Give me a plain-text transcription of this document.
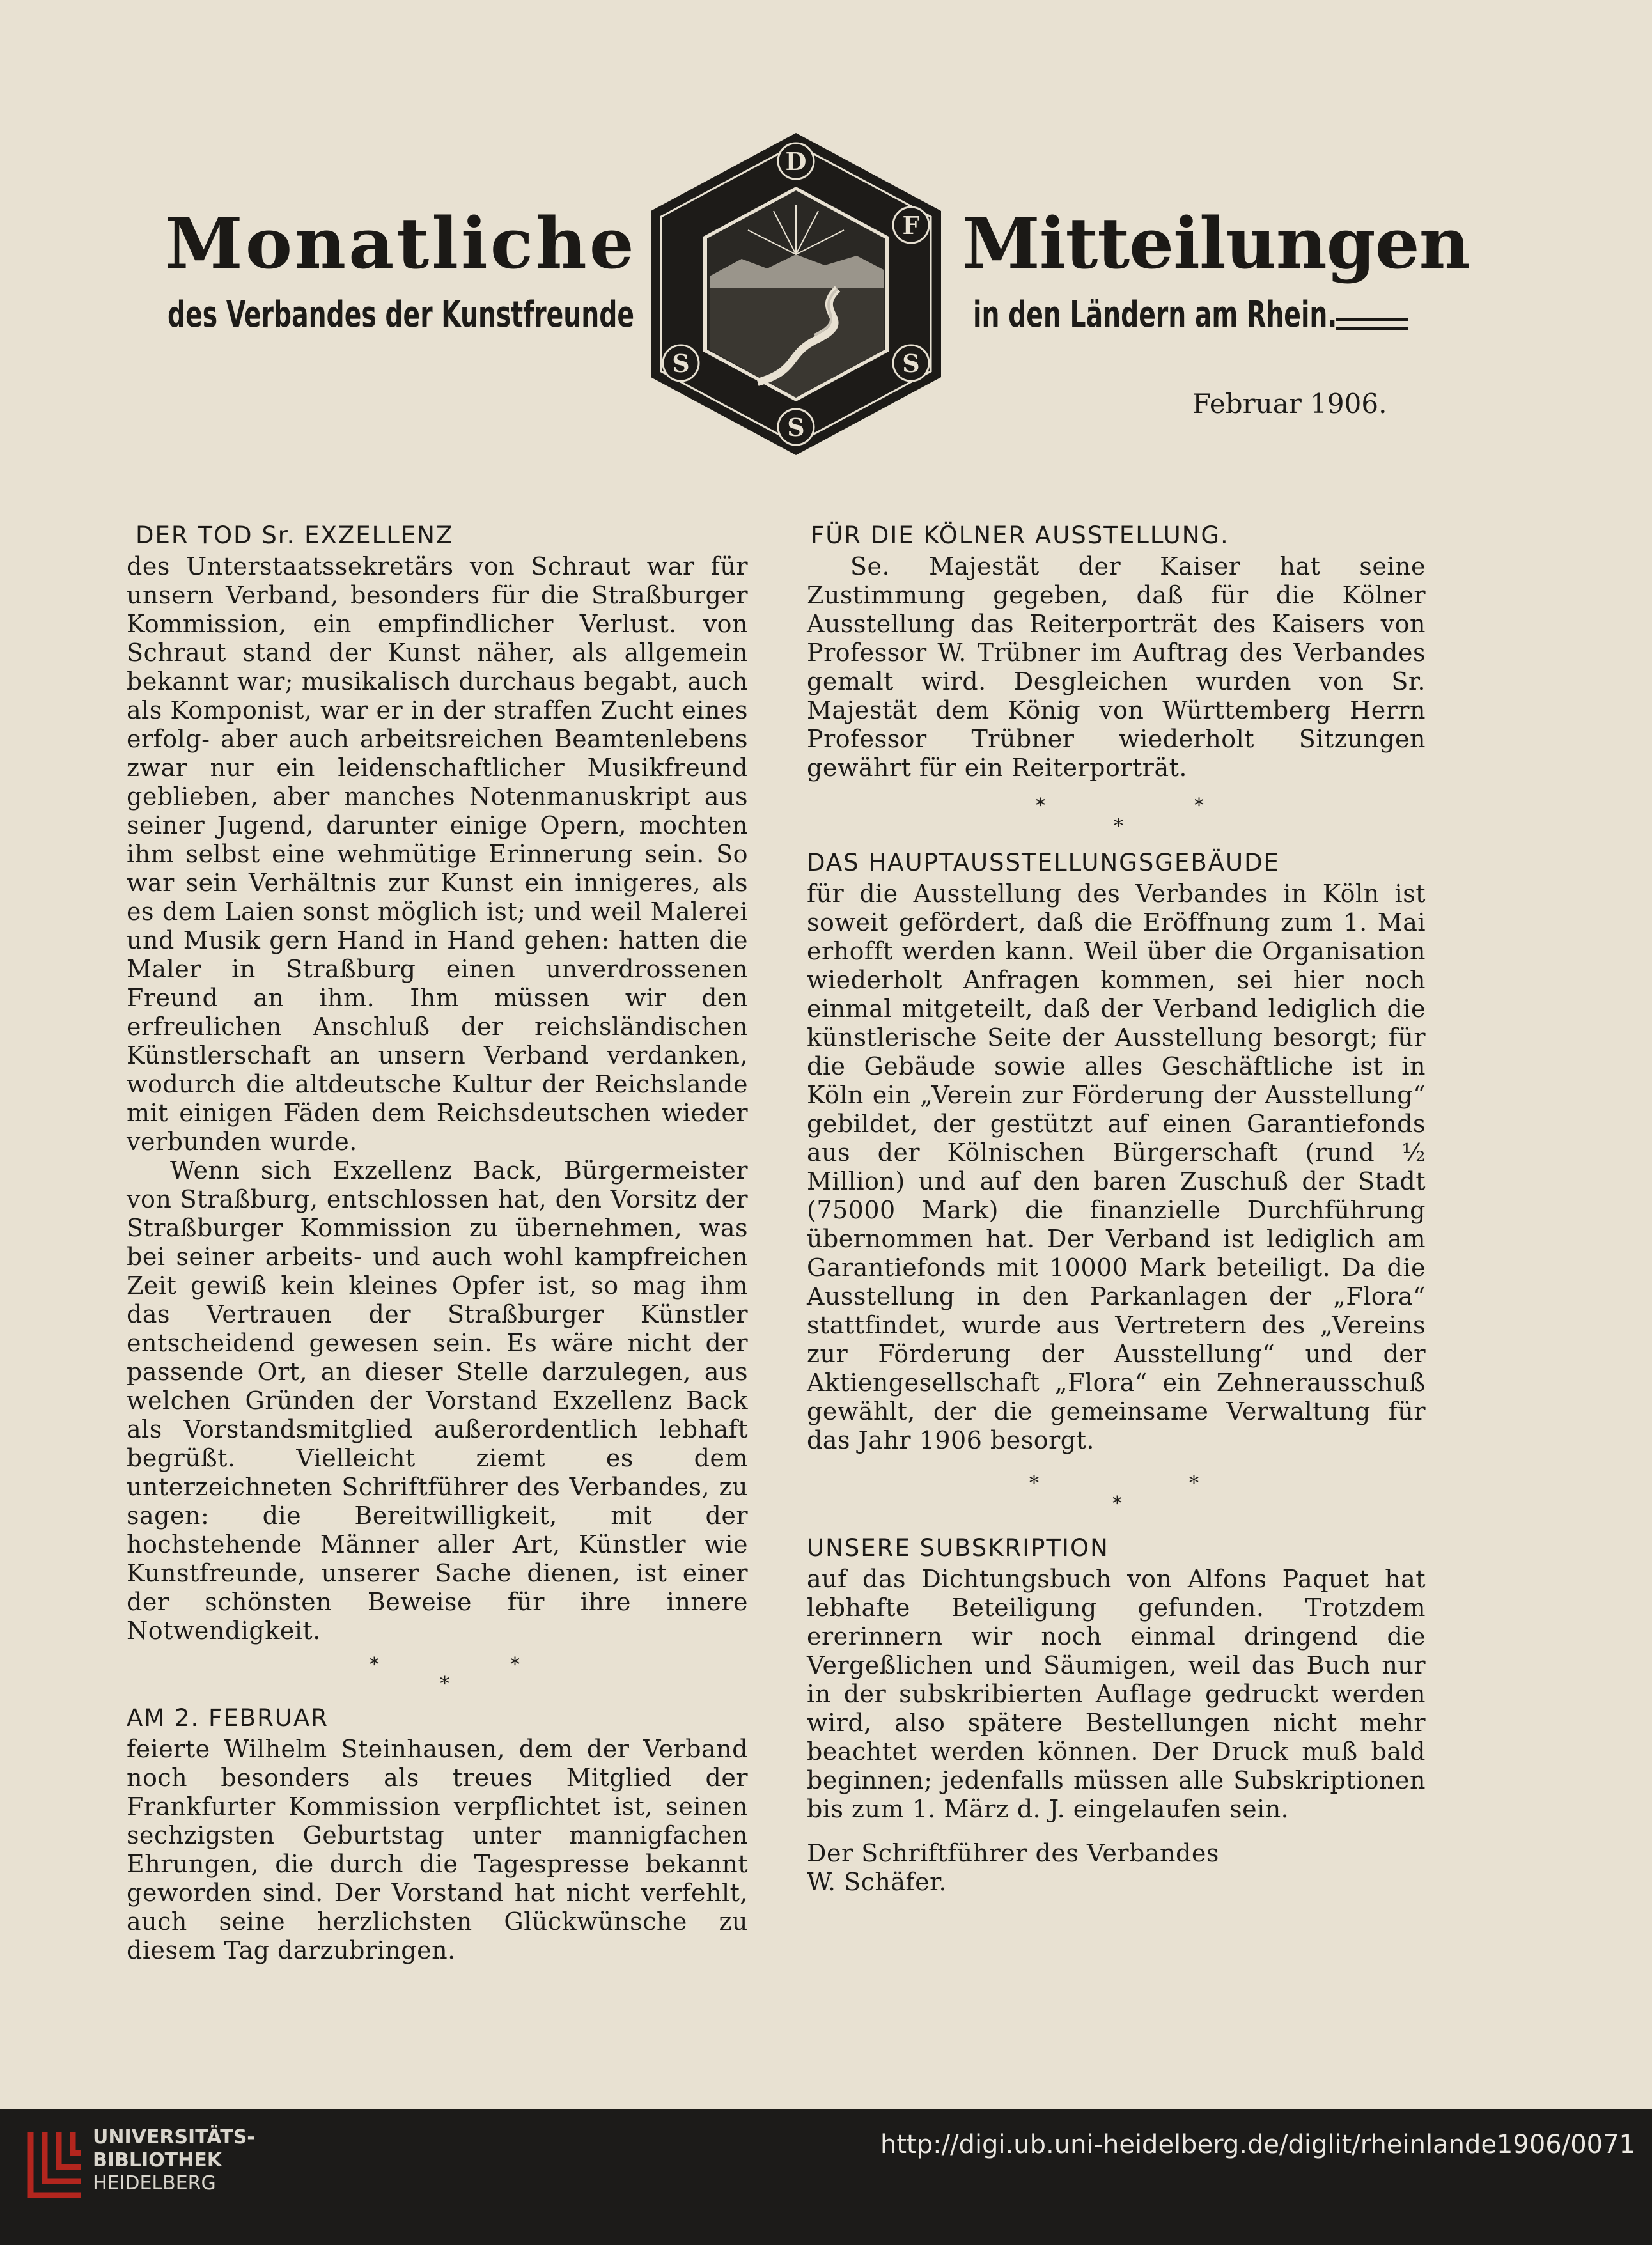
Monatliche	Mitteilungen
des Verbandes der Kunstfreunde	in den Ländern am Rhein.
D
F
S
S
S
Februar 1906.
DER TOD Sr. EXZELLENZ

des Unterstaatssekretärs von Schraut war für unsern Verband, besonders für die Straßburger Kommission, ein empfindlicher Verlust. von Schraut stand der Kunst näher, als allgemein bekannt war; musikalisch durchaus begabt, auch als Komponist, war er in der straffen Zucht eines erfolg- aber auch arbeitsreichen Beamtenlebens zwar nur ein leidenschaftlicher Musikfreund geblieben, aber manches Notenmanuskript aus seiner Jugend, darunter einige Opern, mochten ihm selbst eine wehmütige Erinnerung sein. So war sein Verhältnis zur Kunst ein innigeres, als es dem Laien sonst möglich ist; und weil Malerei und Musik gern Hand in Hand gehen: hatten die Maler in Straßburg einen unverdrossenen Freund an ihm. Ihm müssen wir den erfreulichen Anschluß der reichsländischen Künstlerschaft an unsern Verband verdanken, wodurch die altdeutsche Kultur der Reichslande mit einigen Fäden dem Reichsdeutschen wieder verbunden wurde.

Wenn sich Exzellenz Back, Bürgermeister von Straßburg, entschlossen hat, den Vorsitz der Straßburger Kommission zu übernehmen, was bei seiner arbeits- und auch wohl kampfreichen Zeit gewiß kein kleines Opfer ist, so mag ihm das Vertrauen der Straßburger Künstler entscheidend gewesen sein. Es wäre nicht der passende Ort, an dieser Stelle darzulegen, aus welchen Gründen der Vorstand Exzellenz Back als Vorstandsmitglied außerordentlich lebhaft begrüßt. Vielleicht ziemt es dem unterzeichneten Schriftführer des Verbandes, zu sagen: die Bereitwilligkeit, mit der hochstehende Männer aller Art, Künstler wie Kunstfreunde, unserer Sache dienen, ist einer der schönsten Beweise für ihre innere Notwendigkeit.

*	*
*
AM 2. FEBRUAR

feierte Wilhelm Steinhausen, dem der Verband noch besonders als treues Mitglied der Frankfurter Kommission verpflichtet ist, seinen sechzigsten Geburtstag unter mannigfachen Ehrungen, die durch die Tagespresse bekannt geworden sind. Der Vorstand hat nicht verfehlt, auch seine herzlichsten Glückwünsche zu diesem Tag darzubringen.

FÜR DIE KÖLNER AUSSTELLUNG.

Se. Majestät der Kaiser hat seine Zustimmung gegeben, daß für die Kölner Ausstellung das Reiterporträt des Kaisers von Professor W. Trübner im Auftrag des Verbandes gemalt wird. Desgleichen wurden von Sr. Majestät dem König von Württemberg Herrn Professor Trübner wiederholt Sitzungen gewährt für ein Reiterporträt.

*	*
*
DAS HAUPTAUSSTELLUNGSGEBÄUDE

für die Ausstellung des Verbandes in Köln ist soweit gefördert, daß die Eröffnung zum 1. Mai erhofft werden kann. Weil über die Organisation wiederholt Anfragen kommen, sei hier noch einmal mitgeteilt, daß der Verband lediglich die künstlerische Seite der Ausstellung besorgt; für die Gebäude sowie alles Geschäftliche ist in Köln ein „Verein zur Förderung der Ausstellung“ gebildet, der gestützt auf einen Garantiefonds aus der Kölnischen Bürgerschaft (rund ½ Million) und auf den baren Zuschuß der Stadt (75000 Mark) die finanzielle Durchführung übernommen hat. Der Verband ist lediglich am Garantiefonds mit 10000 Mark beteiligt. Da die Ausstellung in den Parkanlagen der „Flora“ stattfindet, wurde aus Vertretern des „Vereins zur Förderung der Ausstellung“ und der Aktiengesellschaft „Flora“ ein Zehnerausschuß gewählt, der die gemeinsame Verwaltung für das Jahr 1906 besorgt.

*	*
*
UNSERE SUBSKRIPTION

auf das Dichtungsbuch von Alfons Paquet hat lebhafte Beteiligung gefunden. Trotzdem ererinnern wir noch einmal dringend die Vergeßlichen und Säumigen, weil das Buch nur in der subskribierten Auflage gedruckt werden wird, also spätere Bestellungen nicht mehr beachtet werden können. Der Druck muß bald beginnen; jedenfalls müssen alle Subskriptionen bis zum 1. März d. J. eingelaufen sein.

Der Schriftführer des Verbandes

W. Schäfer.

UNIVERSITÄTS-
BIBLIOTHEK
HEIDELBERG
http://digi.ub.uni-heidelberg.de/diglit/rheinlande1906/0071
